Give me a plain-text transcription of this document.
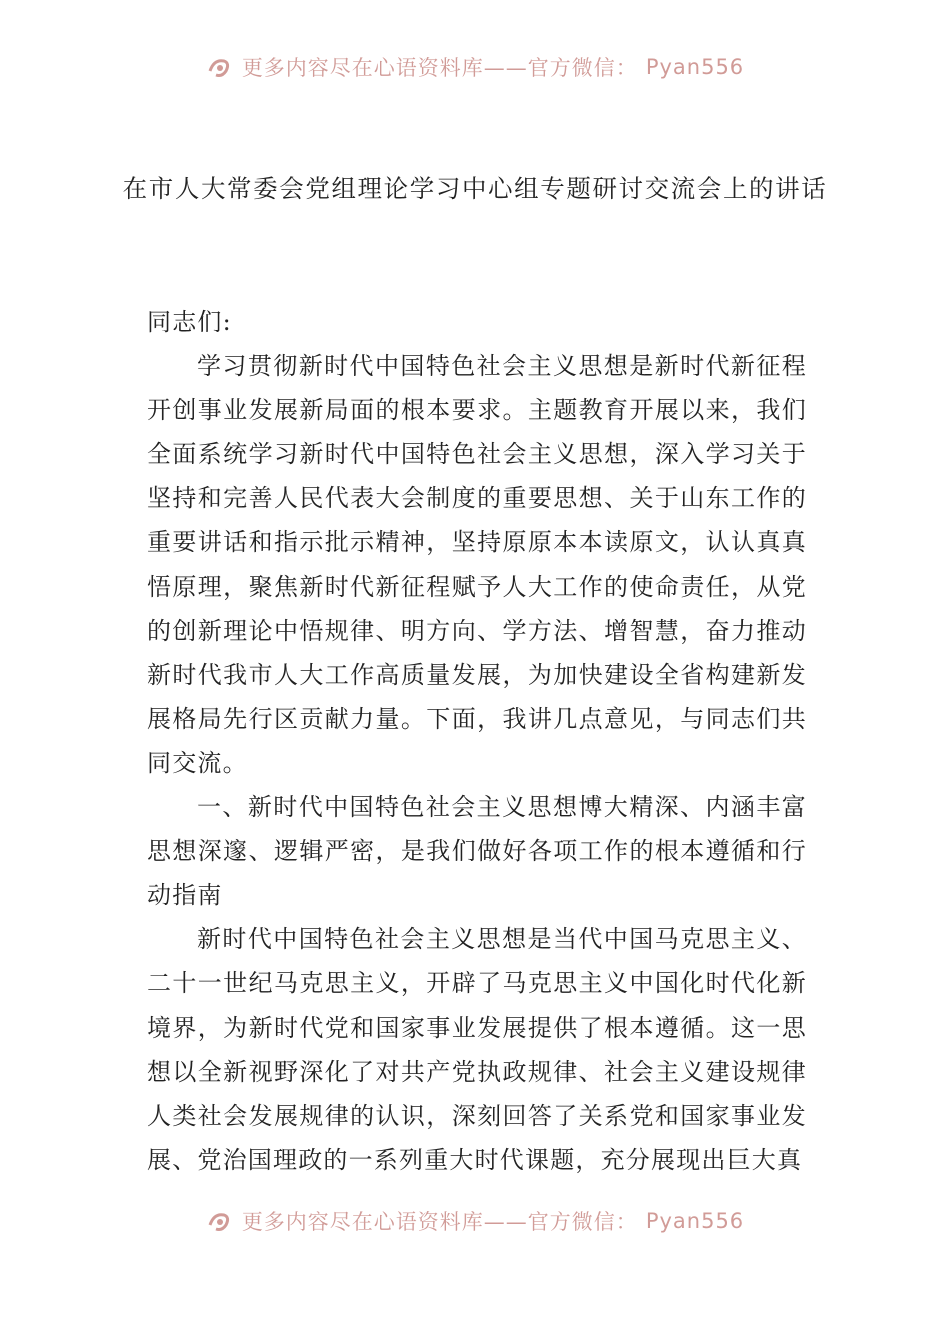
更多内容尽在心语资料库——官方微信： Pyan556
在市人大常委会党组理论学习中心组专题研讨交流会上的讲话

同志们:

学习贯彻新时代中国特色社会主义思想是新时代新征程开创事业发展新局面的根本要求。主题教育开展以来，我们全面系统学习新时代中国特色社会主义思想，深入学习关于坚持和完善人民代表大会制度的重要思想、关于山东工作的重要讲话和指示批示精神，坚持原原本本读原文，认认真真悟原理，聚焦新时代新征程赋予人大工作的使命责任，从党的创新理论中悟规律、明方向、学方法、增智慧，奋力推动新时代我市人大工作高质量发展，为加快建设全省构建新发展格局先行区贡献力量。下面，我讲几点意见，与同志们共同交流。

一、新时代中国特色社会主义思想博大精深、内涵丰富思想深邃、逻辑严密，是我们做好各项工作的根本遵循和行动指南

新时代中国特色社会主义思想是当代中国马克思主义、二十一世纪马克思主义，开辟了马克思主义中国化时代化新境界，为新时代党和国家事业发展提供了根本遵循。这一思想以全新视野深化了对共产党执政规律、社会主义建设规律人类社会发展规律的认识，深刻回答了关系党和国家事业发展、党治国理政的一系列重大时代课题，充分展现出巨大真

更多内容尽在心语资料库——官方微信： Pyan556
